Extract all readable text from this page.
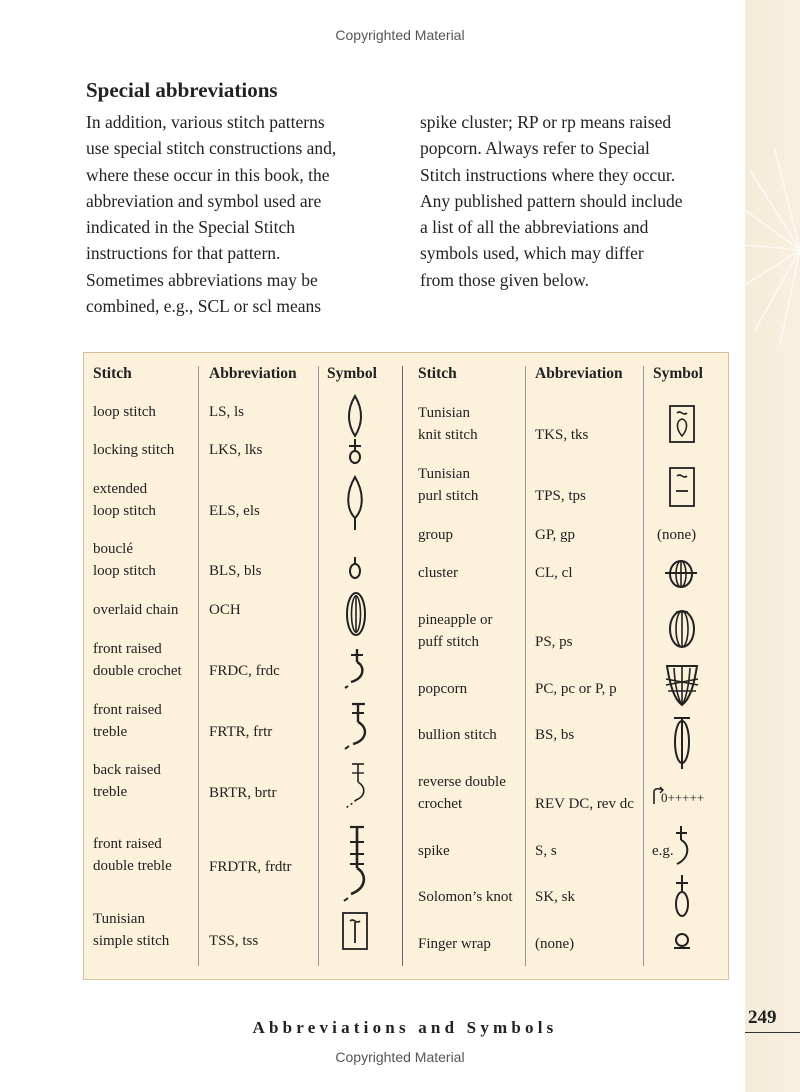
Copyrighted Material
Special abbreviations
In addition, various stitch patterns
use special stitch constructions and,
where these occur in this book, the
abbreviation and symbol used are
indicated in the Special Stitch
instructions for that pattern.
Sometimes abbreviations may be
combined, e.g., SCL or scl means
spike cluster; RP or rp means raised
popcorn. Always refer to Special
Stitch instructions where they occur.
Any published pattern should include
a list of all the abbreviations and
symbols used, which may differ
from those given below.
Stitch	Abbreviation Symbol	Stitch	Abbreviation Symbol
loop stitch	LS, ls
locking stitch LKS, lks
extended
loop stitch	ELS, els
bouclé
loop stitch	BLS, bls
overlaid chain OCH
front raised
double crochet FRDC, frdc
front raised
treble	FRTR, frtr
back raised
treble	BRTR, brtr
front raised
double treble FRDTR, frdtr
Tunisian
simple stitch	TSS, tss
Tunisian
knit stitch	TKS, tks
Tunisian
purl stitch	TPS, tps
group	GP, gp	(none)
cluster	CL, cl
pineapple or
puff stitch	PS, ps
popcorn	PC, pc or P, p
bullion stitch	BS, bs
reverse double
crochet	REV DC, rev dc 0+++++
spike	S, s	e.g.
Solomon’s knot SK, sk
Finger wrap	(none)
Abbreviations and Symbols	249
Copyrighted Material
